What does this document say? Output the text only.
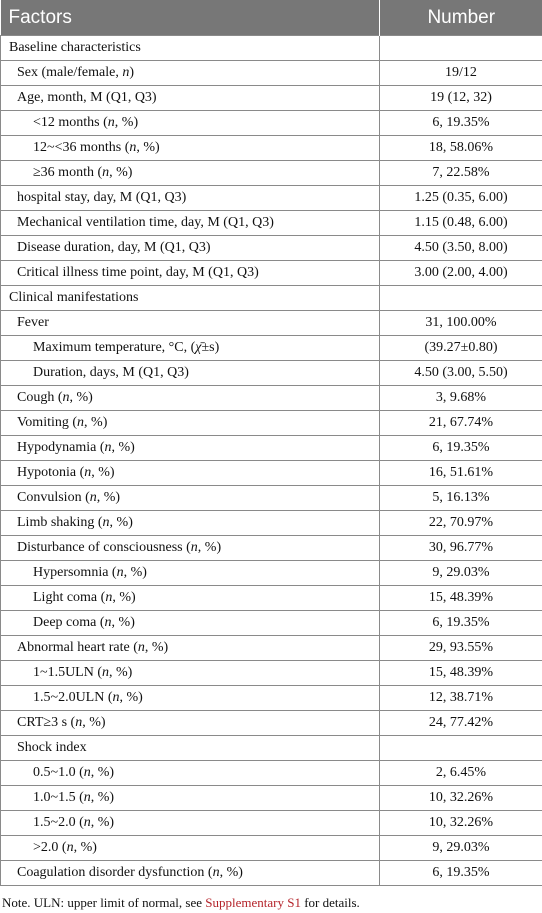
Factors	Number
Baseline characteristics	
Sex (male/female, n)	19/12
Age, month, M (Q1, Q3)	19 (12, 32)
<12 months (n, %)	6, 19.35%
12~<36 months (n, %)	18, 58.06%
≥36 month (n, %)	7, 22.58%
hospital stay, day, M (Q1, Q3)	1.25 (0.35, 6.00)
Mechanical ventilation time, day, M (Q1, Q3)	1.15 (0.48, 6.00)
Disease duration, day, M (Q1, Q3)	4.50 (3.50, 8.00)
Critical illness time point, day, M (Q1, Q3)	3.00 (2.00, 4.00)
Clinical manifestations	
Fever	31, 100.00%
Maximum temperature, °C, (χ̄±s)	(39.27±0.80)
Duration, days, M (Q1, Q3)	4.50 (3.00, 5.50)
Cough (n, %)	3, 9.68%
Vomiting (n, %)	21, 67.74%
Hypodynamia (n, %)	6, 19.35%
Hypotonia (n, %)	16, 51.61%
Convulsion (n, %)	5, 16.13%
Limb shaking (n, %)	22, 70.97%
Disturbance of consciousness (n, %)	30, 96.77%
Hypersomnia (n, %)	9, 29.03%
Light coma (n, %)	15, 48.39%
Deep coma (n, %)	6, 19.35%
Abnormal heart rate (n, %)	29, 93.55%
1~1.5ULN (n, %)	15, 48.39%
1.5~2.0ULN (n, %)	12, 38.71%
CRT≥3 s (n, %)	24, 77.42%
Shock index	
0.5~1.0 (n, %)	2, 6.45%
1.0~1.5 (n, %)	10, 32.26%
1.5~2.0 (n, %)	10, 32.26%
>2.0 (n, %)	9, 29.03%
Coagulation disorder dysfunction (n, %)	6, 19.35%
Note. ULN: upper limit of normal, see Supplementary S1 for details.
